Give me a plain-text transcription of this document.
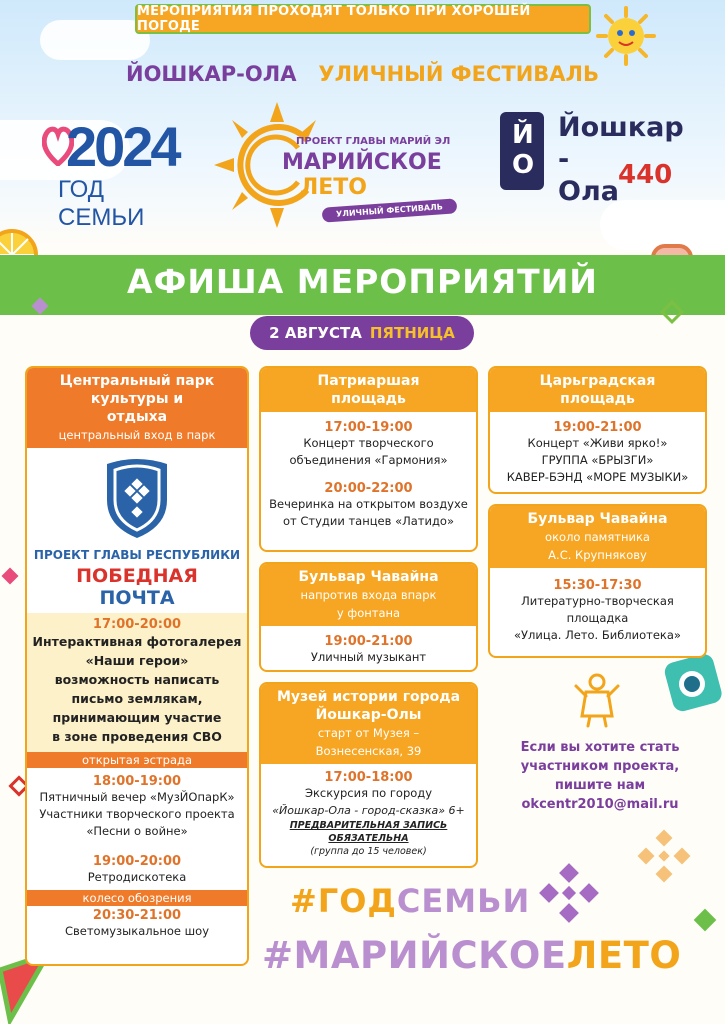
МЕРОПРИЯТИЯ ПРОХОДЯТ ТОЛЬКО ПРИ ХОРОШЕЙ ПОГОДЕ
ЙОШКАР-ОЛА УЛИЧНЫЙ ФЕСТИВАЛЬ
2024
ГОД СЕМЬИ
ПРОЕКТ ГЛАВЫ МАРИЙ ЭЛ
МАРИЙСКОЕ
ЛЕТО
УЛИЧНЫЙ ФЕСТИВАЛЬ
ЙО
Йошкар -
Ола
440
АФИША МЕРОПРИЯТИЙ
2 АВГУСТА ПЯТНИЦА
Центральный парк культуры и отдыха
центральный вход в парк
ПРОЕКТ ГЛАВЫ РЕСПУБЛИКИ
ПОБЕДНАЯ
ПОЧТА
17:00-20:00
Интерактивная фотогалерея
«Наши герои»
возможность написать
письмо землякам,
принимающим участие
в зоне проведения СВО
открытая эстрада
18:00-19:00
Пятничный вечер «МузЙОпарК»
Участники творческого проекта
«Песни о войне»
19:00-20:00
Ретродискотека
колесо обозрения
20:30-21:00
Светомузыкальное шоу
Патриаршая
площадь
17:00-19:00
Концерт творческого
объединения «Гармония»
20:00-22:00
Вечеринка на открытом воздухе
от Студии танцев «Латидо»
Бульвар Чавайна
напротив входа впарк
у фонтана
19:00-21:00
Уличный музыкант
Музей истории города
Йошкар-Олы
старт от Музея –
Вознесенская, 39
17:00-18:00
Экскурсия по городу
«Йошкар-Ола - город-сказка» 6+
ПРЕДВАРИТЕЛЬНАЯ ЗАПИСЬ
ОБЯЗАТЕЛЬНА
(группа до 15 человек)
Царьградская
площадь
19:00-21:00
Концерт «Живи ярко!»
ГРУППА «БРЫЗГИ»
КАВЕР-БЭНД «МОРЕ МУЗЫКИ»
Бульвар Чавайна
около памятника
А.С. Крупнякову
15:30-17:30
Литературно-творческая
площадка
«Улица. Лето. Библиотека»
Если вы хотите стать
участником проекта,
пишите нам
okcentr2010@mail.ru
#ГОДСЕМЬИ
#МАРИЙСКОЕЛЕТО
